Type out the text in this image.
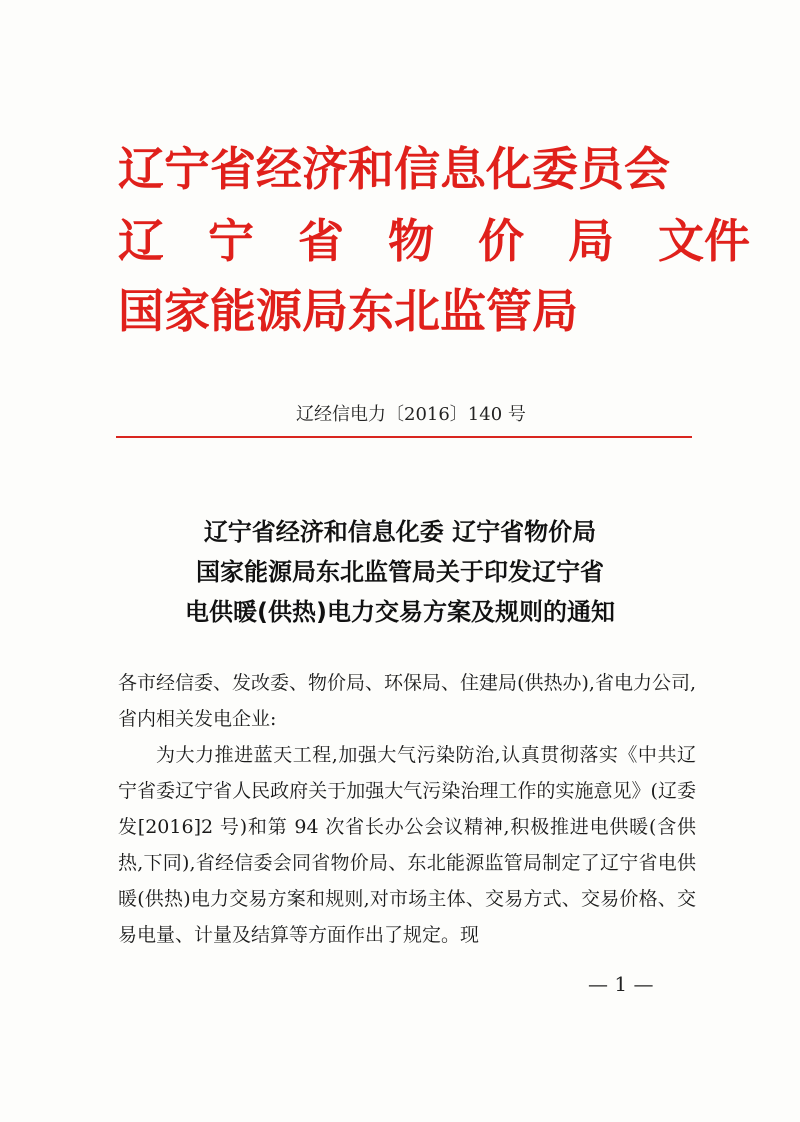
辽宁省经济和信息化委员会
辽宁省物价局文件
国家能源局东北监管局
辽经信电力〔2016〕140 号
辽宁省经济和信息化委 辽宁省物价局
国家能源局东北监管局关于印发辽宁省
电供暖(供热)电力交易方案及规则的通知

各市经信委、发改委、物价局、环保局、住建局(供热办),省电力公司,省内相关发电企业:

为大力推进蓝天工程,加强大气污染防治,认真贯彻落实《中共辽宁省委辽宁省人民政府关于加强大气污染治理工作的实施意见》(辽委发[2016]2 号)和第 94 次省长办公会议精神,积极推进电供暖(含供热,下同),省经信委会同省物价局、东北能源监管局制定了辽宁省电供暖(供热)电力交易方案和规则,对市场主体、交易方式、交易价格、交易电量、计量及结算等方面作出了规定。现

— 1 —
